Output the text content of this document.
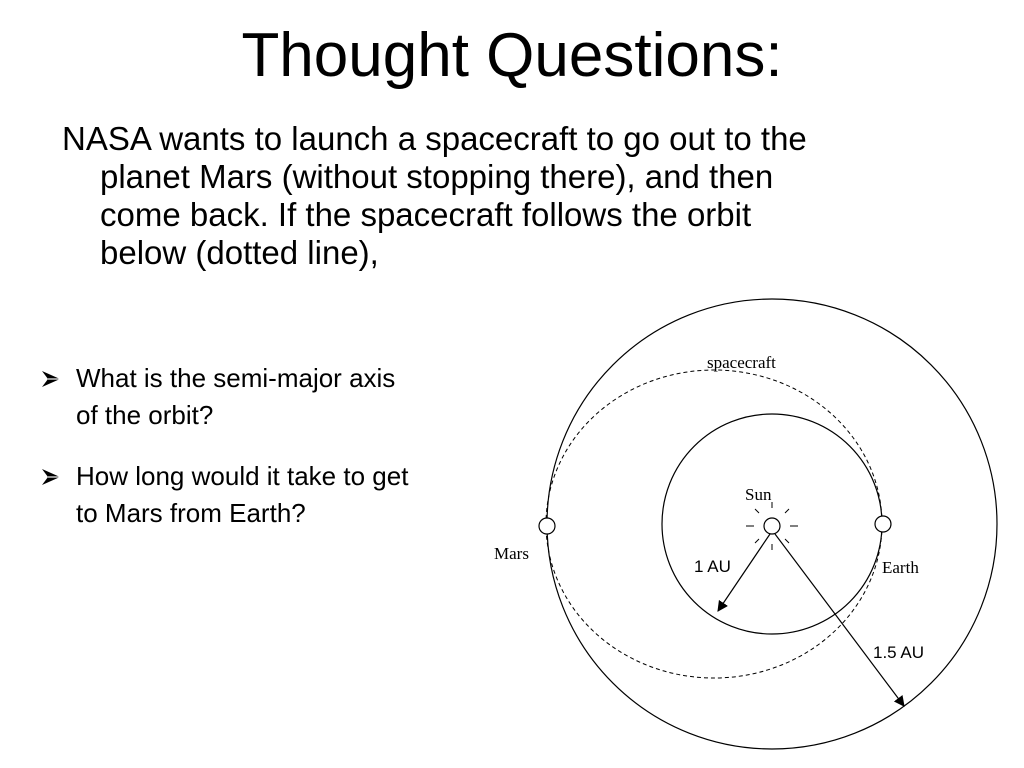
Thought Questions:
NASA wants to launch a spacecraft to go out to the
planet Mars (without stopping there), and then
come back. If the spacecraft follows the orbit
below (dotted line),
What is the semi-major axis
of the orbit?
How long would it take to get
to Mars from Earth?
spacecraft
Sun
Mars
Earth
1 AU
1.5 AU
